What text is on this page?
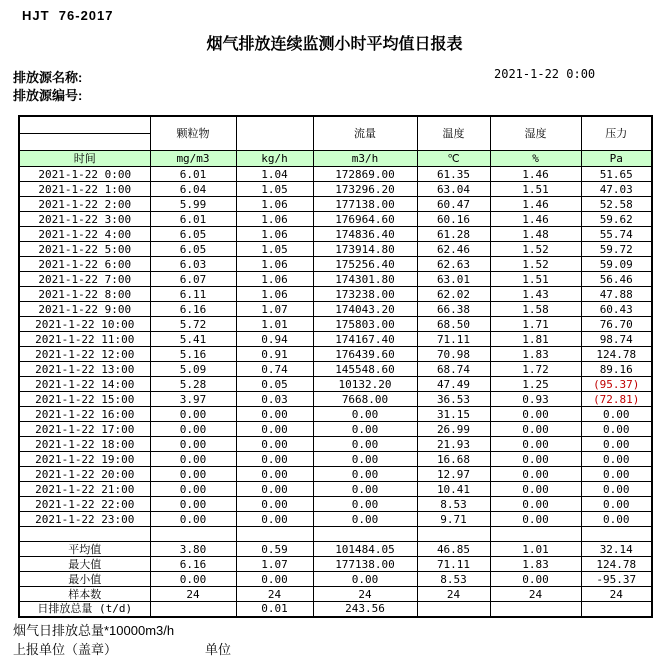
HJT  76-2017
烟气排放连续监测小时平均值日报表
排放源名称:
排放源编号:
2021-1-22 0:00
	颗粒物		流量	温度	湿度	压力
时间	mg/m3	kg/h	m3/h	℃	%	Pa
2021-1-22 0:00	6.01	1.04	172869.00	61.35	1.46	51.65
2021-1-22 1:00	6.04	1.05	173296.20	63.04	1.51	47.03
2021-1-22 2:00	5.99	1.06	177138.00	60.47	1.46	52.58
2021-1-22 3:00	6.01	1.06	176964.60	60.16	1.46	59.62
2021-1-22 4:00	6.05	1.06	174836.40	61.28	1.48	55.74
2021-1-22 5:00	6.05	1.05	173914.80	62.46	1.52	59.72
2021-1-22 6:00	6.03	1.06	175256.40	62.63	1.52	59.09
2021-1-22 7:00	6.07	1.06	174301.80	63.01	1.51	56.46
2021-1-22 8:00	6.11	1.06	173238.00	62.02	1.43	47.88
2021-1-22 9:00	6.16	1.07	174043.20	66.38	1.58	60.43
2021-1-22 10:00	5.72	1.01	175803.00	68.50	1.71	76.70
2021-1-22 11:00	5.41	0.94	174167.40	71.11	1.81	98.74
2021-1-22 12:00	5.16	0.91	176439.60	70.98	1.83	124.78
2021-1-22 13:00	5.09	0.74	145548.60	68.74	1.72	89.16
2021-1-22 14:00	5.28	0.05	10132.20	47.49	1.25	(95.37)
2021-1-22 15:00	3.97	0.03	7668.00	36.53	0.93	(72.81)
2021-1-22 16:00	0.00	0.00	0.00	31.15	0.00	0.00
2021-1-22 17:00	0.00	0.00	0.00	26.99	0.00	0.00
2021-1-22 18:00	0.00	0.00	0.00	21.93	0.00	0.00
2021-1-22 19:00	0.00	0.00	0.00	16.68	0.00	0.00
2021-1-22 20:00	0.00	0.00	0.00	12.97	0.00	0.00
2021-1-22 21:00	0.00	0.00	0.00	10.41	0.00	0.00
2021-1-22 22:00	0.00	0.00	0.00	8.53	0.00	0.00
2021-1-22 23:00	0.00	0.00	0.00	9.71	0.00	0.00

平均值	3.80	0.59	101484.05	46.85	1.01	32.14
最大值	6.16	1.07	177138.00	71.11	1.83	124.78
最小值	0.00	0.00	0.00	8.53	0.00	-95.37
样本数	24	24	24	24	24	24
日排放总量 (t/d)		0.01	243.56			
烟气日排放总量*10000m3/h
上报单位（盖章）	单位
